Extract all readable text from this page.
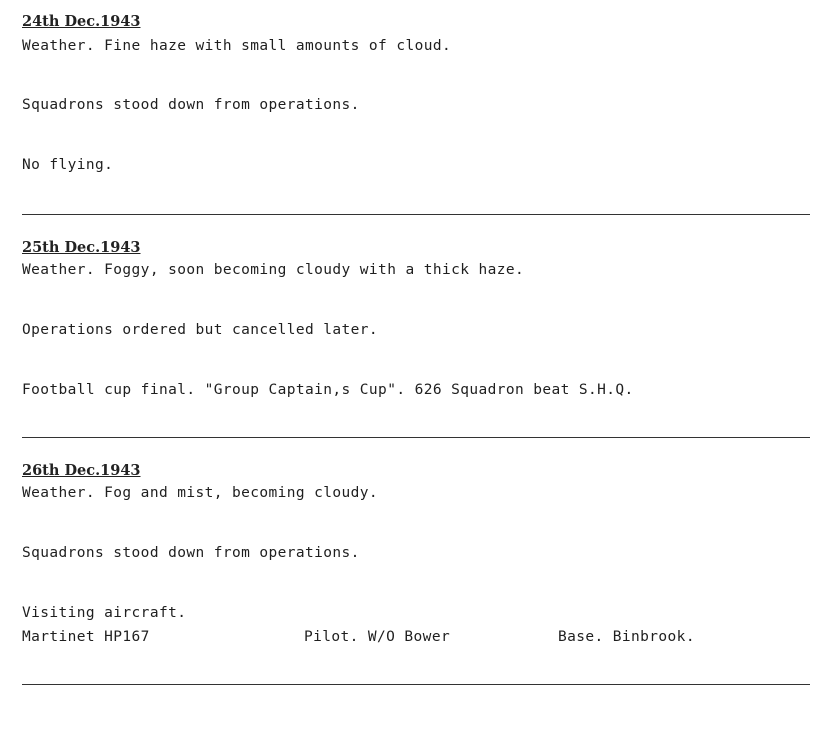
24th Dec.1943
Weather. Fine haze with small amounts of cloud.
Squadrons stood down from operations.
No flying.
25th Dec.1943
Weather. Foggy, soon becoming cloudy with a thick haze.
Operations ordered but cancelled later.
Football cup final. "Group Captain,s Cup". 626 Squadron beat S.H.Q.
26th Dec.1943
Weather. Fog and mist, becoming cloudy.
Squadrons stood down from operations.
Visiting aircraft.
Martinet HP167	Pilot. W/O Bower	Base. Binbrook.
